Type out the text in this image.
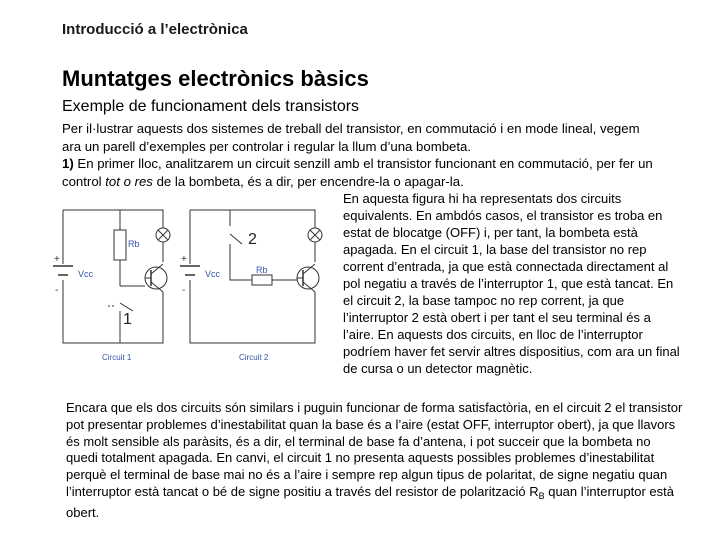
Introducció a l’electrònica
Muntatges electrònics bàsics
Exemple de funcionament dels transistors

Per il·lustrar aquests dos sistemes de treball del transistor, en commutació i en mode lineal, vegem ara un parell d’exemples per controlar i regular la llum d’una bombeta.

1) En primer lloc, analitzarem un circuit senzill amb el transistor funcionant en commutació, per fer un control tot o res de la bombeta, és a dir, per encendre-la o apagar-la.

Rb
Vcc
Circuit 1
Rb
Vcc
Circuit 2
+
-
+
-
1
2
En aquesta figura hi ha representats dos circuits equivalents. En ambdós casos, el transistor es troba en estat de blocatge (OFF) i, per tant, la bombeta està apagada. En el circuit 1, la base del transistor no rep corrent d’entrada, ja que està connectada directament al pol negatiu a través de l’interruptor 1, que està tancat. En el circuit 2, la base tampoc no rep corrent, ja que l’interruptor 2 està obert i per tant el seu terminal és a l’aire. En aquests dos circuits, en lloc de l’interruptor podríem haver fet servir altres dispositius, com ara un final de cursa o un detector magnètic.
Encara que els dos circuits són similars i puguin funcionar de forma satisfactòria, en el circuit 2 el transistor pot presentar problemes d’inestabilitat quan la base és a l’aire (estat OFF, interruptor obert), ja que llavors és molt sensible als paràsits, és a dir, el terminal de base fa d’antena, i pot succeir que la bombeta no quedi totalment apagada. En canvi, el circuit 1 no presenta aquests possibles problemes d’inestabilitat perquè el terminal de base mai no és a l’aire i sempre rep algun tipus de polaritat, de signe negatiu quan l’interruptor està tancat o bé de signe positiu a través del resistor de polarització $R_B$ quan l’interruptor està obert.
